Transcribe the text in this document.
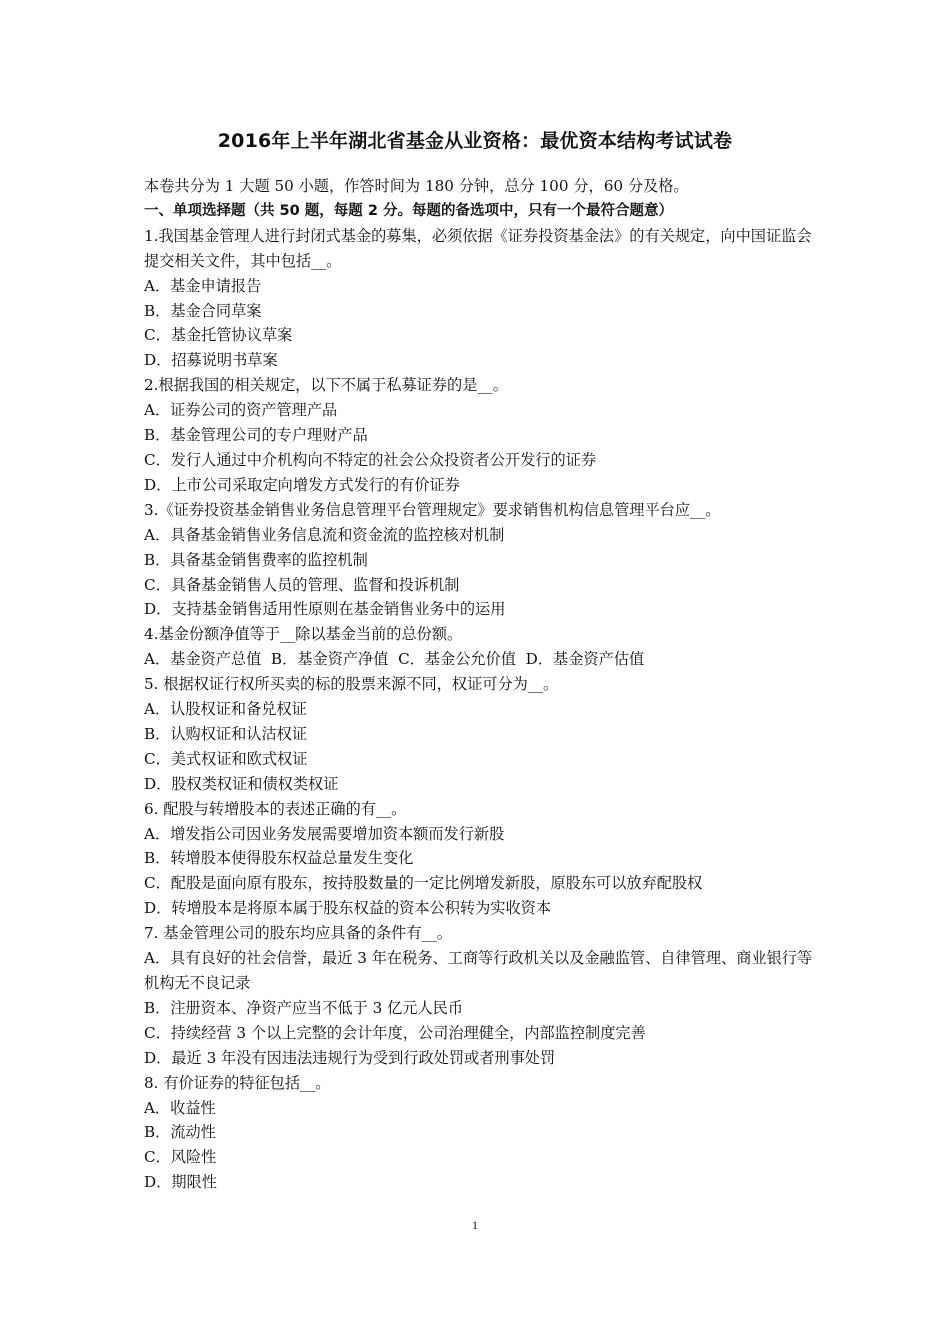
2016年上半年湖北省基金从业资格：最优资本结构考试试卷

本卷共分为 1 大题 50 小题，作答时间为 180 分钟，总分 100 分，60 分及格。

一、单项选择题（共 50 题，每题 2 分。每题的备选项中，只有一个最符合题意）

1.我国基金管理人进行封闭式基金的募集，必须依据《证券投资基金法》的有关规定，向中国证监会提交相关文件，其中包括__。

A．基金申请报告

B．基金合同草案

C．基金托管协议草案

D．招募说明书草案

2.根据我国的相关规定，以下不属于私募证券的是__。

A．证券公司的资产管理产品

B．基金管理公司的专户理财产品

C．发行人通过中介机构向不特定的社会公众投资者公开发行的证券

D．上市公司采取定向增发方式发行的有价证券

3.《证券投资基金销售业务信息管理平台管理规定》要求销售机构信息管理平台应__。

A．具备基金销售业务信息流和资金流的监控核对机制

B．具备基金销售费率的监控机制

C．具备基金销售人员的管理、监督和投诉机制

D．支持基金销售适用性原则在基金销售业务中的运用

4.基金份额净值等于__除以基金当前的总份额。

A．基金资产总值  B．基金资产净值  C．基金公允价值  D．基金资产估值

5. 根据权证行权所买卖的标的股票来源不同，权证可分为__。

A．认股权证和备兑权证

B．认购权证和认沽权证

C．美式权证和欧式权证

D．股权类权证和债权类权证

6. 配股与转增股本的表述正确的有__。

A．增发指公司因业务发展需要增加资本额而发行新股

B．转增股本使得股东权益总量发生变化

C．配股是面向原有股东，按持股数量的一定比例增发新股，原股东可以放弃配股权

D．转增股本是将原本属于股东权益的资本公积转为实收资本

7. 基金管理公司的股东均应具备的条件有__。

A．具有良好的社会信誉，最近 3 年在税务、工商等行政机关以及金融监管、自律管理、商业银行等机构无不良记录

B．注册资本、净资产应当不低于 3 亿元人民币

C．持续经营 3 个以上完整的会计年度，公司治理健全，内部监控制度完善

D．最近 3 年没有因违法违规行为受到行政处罚或者刑事处罚

8. 有价证券的特征包括__。

A．收益性

B．流动性

C．风险性

D．期限性

1
